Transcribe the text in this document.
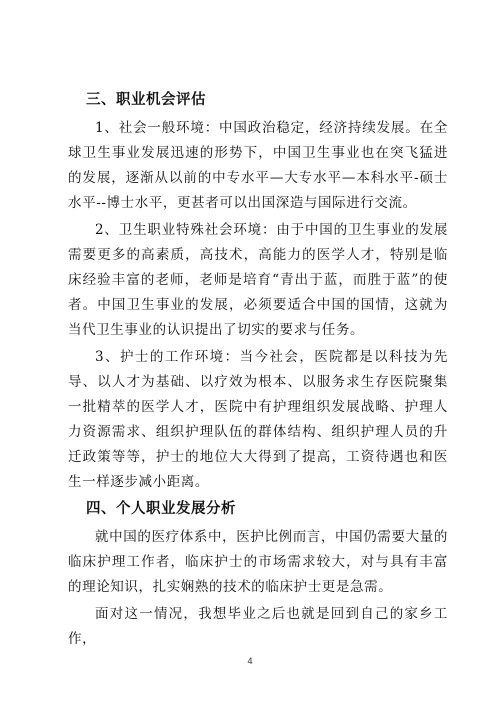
三、职业机会评估

1、社会一般环境：中国政治稳定，经济持续发展。在全球卫生事业发展迅速的形势下，中国卫生事业也在突飞猛进的发展，逐渐从以前的中专水平—大专水平—本科水平-硕士水平--博士水平，更甚者可以出国深造与国际进行交流。

2、卫生职业特殊社会环境：由于中国的卫生事业的发展需要更多的高素质，高技术，高能力的医学人才，特别是临床经验丰富的老师，老师是培育“青出于蓝，而胜于蓝”的使者。中国卫生事业的发展，必须要适合中国的国情，这就为当代卫生事业的认识提出了切实的要求与任务。

3、护士的工作环境：当今社会，医院都是以科技为先导、以人才为基础、以疗效为根本、以服务求生存医院聚集一批精萃的医学人才，医院中有护理组织发展战略、护理人力资源需求、组织护理队伍的群体结构、组织护理人员的升迁政策等等，护士的地位大大得到了提高，工资待遇也和医生一样逐步减小距离。

四、个人职业发展分析

就中国的医疗体系中，医护比例而言，中国仍需要大量的临床护理工作者，临床护士的市场需求较大，对与具有丰富的理论知识，扎实娴熟的技术的临床护士更是急需。

面对这一情况，我想毕业之后也就是回到自己的家乡工作，

4
